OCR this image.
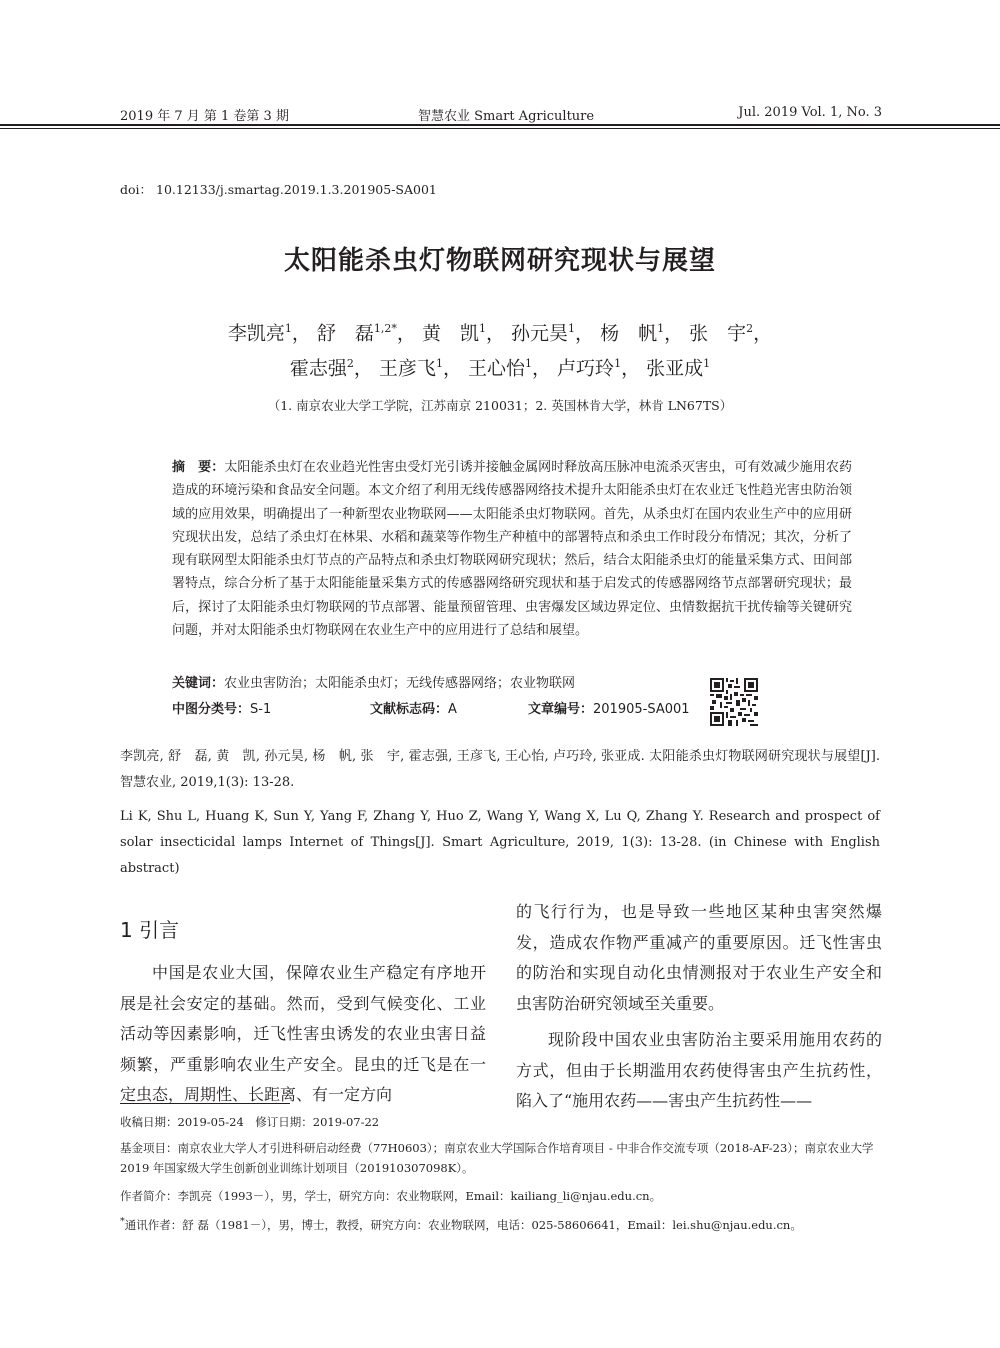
2019 年 7 月 第 1 卷第 3 期	智慧农业 Smart Agriculture	Jul. 2019 Vol. 1, No. 3
doi： 10.12133/j.smartag.2019.1.3.201905-SA001
太阳能杀虫灯物联网研究现状与展望
李凯亮$^1$， 舒　磊$^{1,2*}$， 黄　凯$^1$， 孙元昊$^1$， 杨　帆$^1$， 张　宇$^2$，
霍志强$^2$， 王彦飞$^1$， 王心怡$^1$， 卢巧玲$^1$， 张亚成$^1$
（1. 南京农业大学工学院，江苏南京 210031；2. 英国林肯大学，林肯 LN67TS）
摘　要：太阳能杀虫灯在农业趋光性害虫受灯光引诱并接触金属网时释放高压脉冲电流杀灭害虫，可有效减少施用农药造成的环境污染和食品安全问题。本文介绍了利用无线传感器网络技术提升太阳能杀虫灯在农业迁飞性趋光害虫防治领域的应用效果，明确提出了一种新型农业物联网——太阳能杀虫灯物联网。首先，从杀虫灯在国内农业生产中的应用研究现状出发，总结了杀虫灯在林果、水稻和蔬菜等作物生产种植中的部署特点和杀虫工作时段分布情况；其次，分析了现有联网型太阳能杀虫灯节点的产品特点和杀虫灯物联网研究现状；然后，结合太阳能杀虫灯的能量采集方式、田间部署特点，综合分析了基于太阳能能量采集方式的传感器网络研究现状和基于启发式的传感器网络节点部署研究现状；最后，探讨了太阳能杀虫灯物联网的节点部署、能量预留管理、虫害爆发区域边界定位、虫情数据抗干扰传输等关键研究问题，并对太阳能杀虫灯物联网在农业生产中的应用进行了总结和展望。
关键词：农业虫害防治；太阳能杀虫灯；无线传感器网络；农业物联网
中图分类号：S-1	文献标志码：A	文章编号：201905-SA001
李凯亮, 舒　磊, 黄　凯, 孙元昊, 杨　帆, 张　宇, 霍志强, 王彦飞, 王心怡, 卢巧玲, 张亚成. 太阳能杀虫灯物联网研究现状与展望[J]. 智慧农业, 2019,1(3): 13-28.
Li K, Shu L, Huang K, Sun Y, Yang F, Zhang Y, Huo Z, Wang Y, Wang X, Lu Q, Zhang Y. Research and prospect of solar insecticidal lamps Internet of Things[J]. Smart Agriculture, 2019, 1(3): 13-28. (in Chinese with English abstract)
1 引言

中国是农业大国，保障农业生产稳定有序地开展是社会安定的基础。然而，受到气候变化、工业活动等因素影响，迁飞性害虫诱发的农业虫害日益频繁，严重影响农业生产安全。昆虫的迁飞是在一定虫态，周期性、长距离、有一定方向

的飞行行为，也是导致一些地区某种虫害突然爆发，造成农作物严重减产的重要原因。迁飞性害虫的防治和实现自动化虫情测报对于农业生产安全和虫害防治研究领域至关重要。

现阶段中国农业虫害防治主要采用施用农药的方式，但由于长期滥用农药使得害虫产生抗药性，陷入了“施用农药——害虫产生抗药性——

收稿日期：2019-05-24　修订日期：2019-07-22
基金项目：南京农业大学人才引进科研启动经费（77H0603）；南京农业大学国际合作培育项目 - 中非合作交流专项（2018-AF-23）；南京农业大学 2019 年国家级大学生创新创业训练计划项目（201910307098K）。
作者简介：李凯亮（1993－），男，学士，研究方向：农业物联网，Email：kailiang_li@njau.edu.cn。
*通讯作者：舒 磊（1981－），男，博士，教授，研究方向：农业物联网，电话：025-58606641，Email：lei.shu@njau.edu.cn。
